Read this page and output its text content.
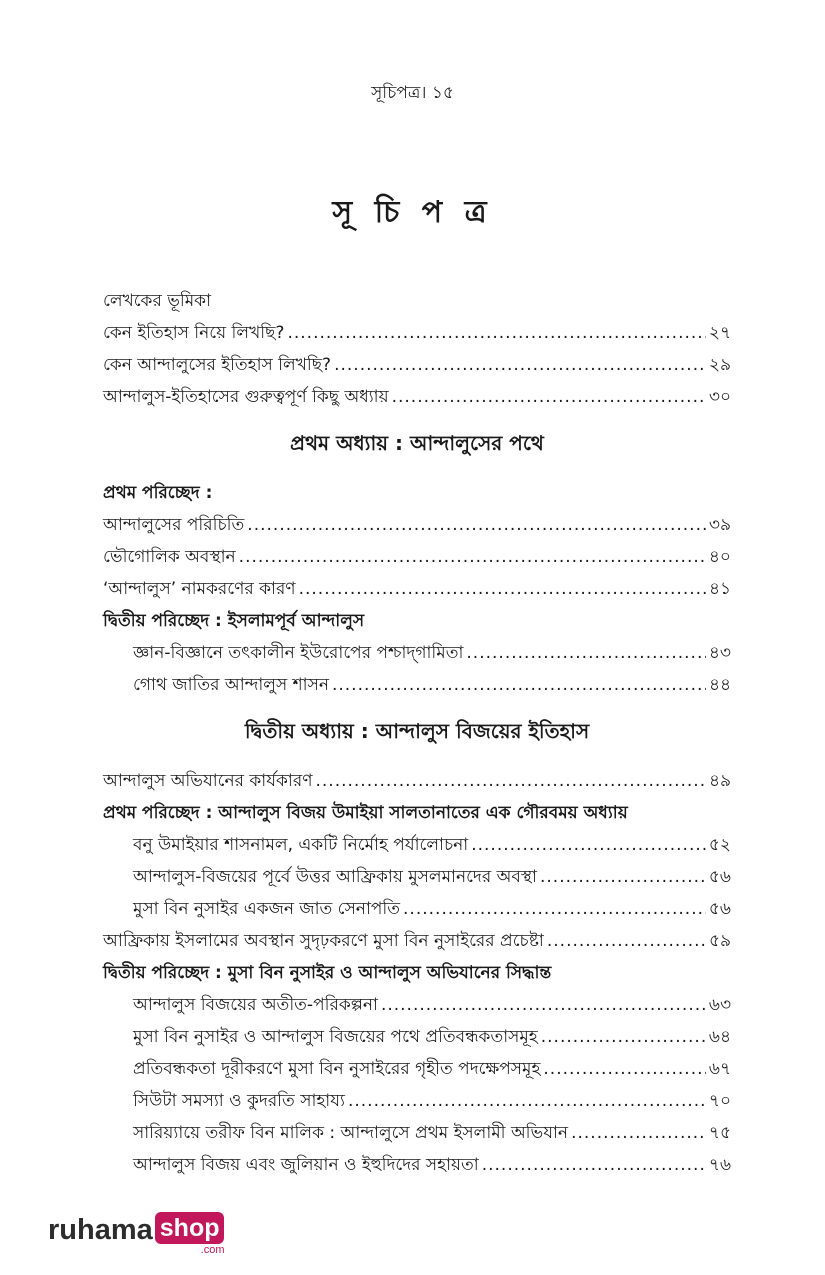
সূচিপত্র। ১৫
সূ চি প ত্র
লেখকের ভূমিকা
কেন ইতিহাস নিয়ে লিখছি? .....	২৭
কেন আন্দালুসের ইতিহাস লিখছি? .....	২৯
আন্দালুস-ইতিহাসের গুরুত্বপূর্ণ কিছু অধ্যায় .....	৩০
প্রথম অধ্যায় : আন্দালুসের পথে
প্রথম পরিচ্ছেদ :
আন্দালুসের পরিচিতি .....	৩৯
ভৌগোলিক অবস্থান .....	৪০
‘আন্দালুস’ নামকরণের কারণ .....	৪১
দ্বিতীয় পরিচ্ছেদ : ইসলামপূর্ব আন্দালুস
জ্ঞান-বিজ্ঞানে তৎকালীন ইউরোপের পশ্চাদ্‌গামিতা .....	৪৩
গোথ জাতির আন্দালুস শাসন .....	৪৪
দ্বিতীয় অধ্যায় : আন্দালুস বিজয়ের ইতিহাস
আন্দালুস অভিযানের কার্যকারণ .....	৪৯
প্রথম পরিচ্ছেদ : আন্দালুস বিজয় উমাইয়া সালতানাতের এক গৌরবময় অধ্যায়
বনু উমাইয়ার শাসনামল, একটি নির্মোহ পর্যালোচনা .....	৫২
আন্দালুস-বিজয়ের পূর্বে উত্তর আফ্রিকায় মুসলমানদের অবস্থা .....	৫৬
মুসা বিন নুসাইর একজন জাত সেনাপতি .....	৫৬
আফ্রিকায় ইসলামের অবস্থান সুদৃঢ়করণে মুসা বিন নুসাইরের প্রচেষ্টা .....	৫৯
দ্বিতীয় পরিচ্ছেদ : মুসা বিন নুসাইর ও আন্দালুস অভিযানের সিদ্ধান্ত
আন্দালুস বিজয়ের অতীত-পরিকল্পনা .....	৬৩
মুসা বিন নুসাইর ও আন্দালুস বিজয়ের পথে প্রতিবন্ধকতাসমূহ .....	৬৪
প্রতিবন্ধকতা দূরীকরণে মুসা বিন নুসাইরের গৃহীত পদক্ষেপসমূহ .....	৬৭
সিউটা সমস্যা ও কুদরতি সাহায্য .....	৭০
সারিয়্যায়ে তরীফ বিন মালিক : আন্দালুসে প্রথম ইসলামী অভিযান .....	৭৫
আন্দালুস বিজয় এবং জুলিয়ান ও ইহুদিদের সহায়তা .....	৭৬
ruhama shop
.com
